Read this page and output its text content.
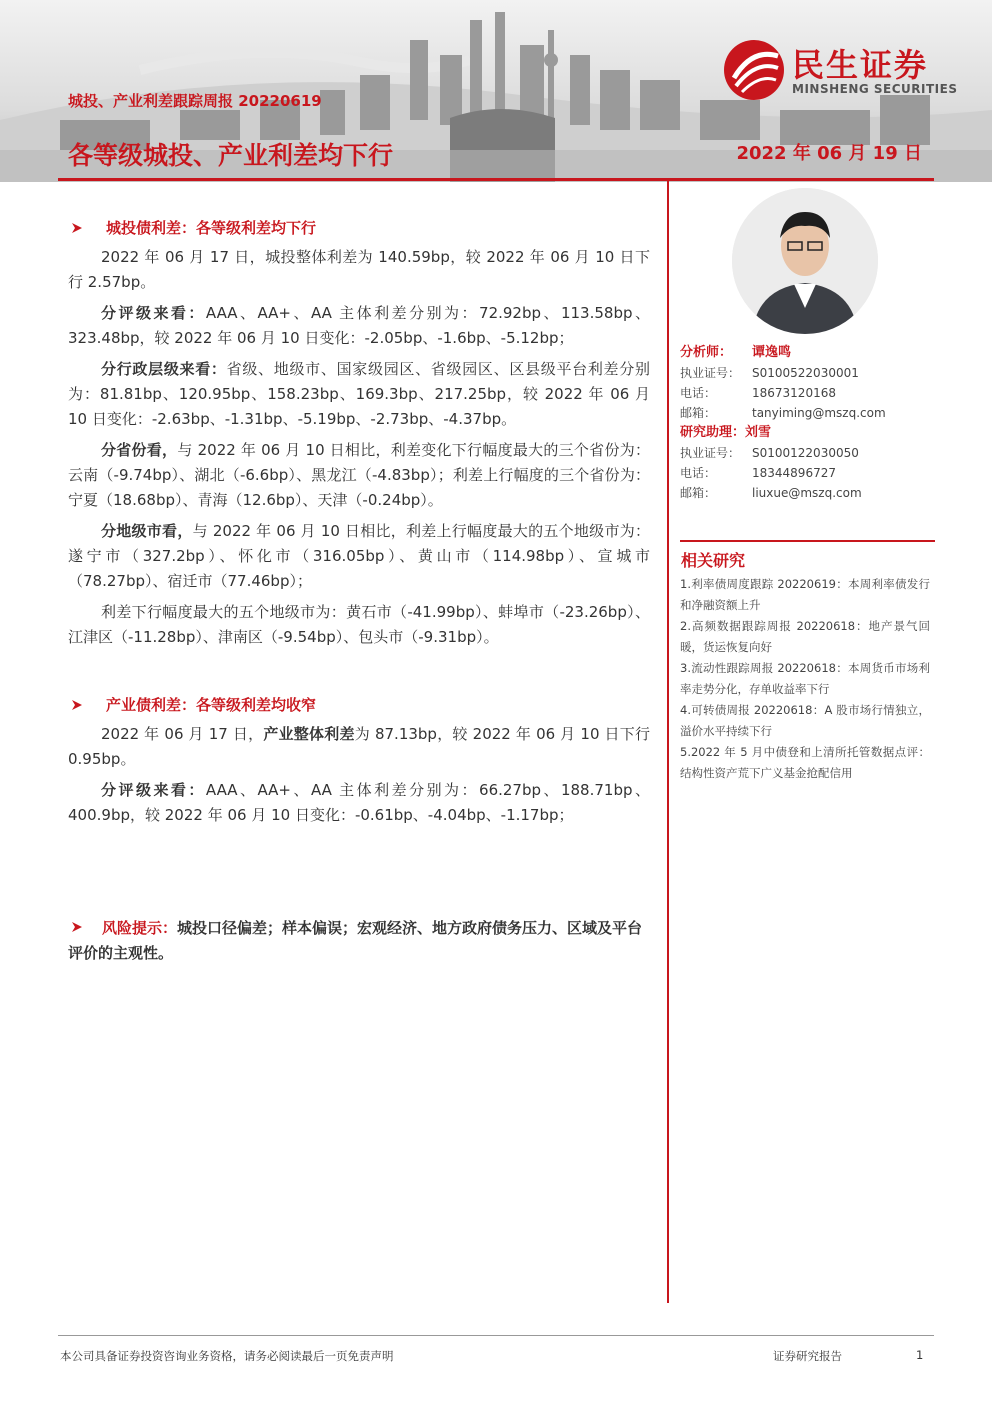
民生证券
MINSHENG SECURITIES
城投、产业利差跟踪周报 20220619
各等级城投、产业利差均下行	2022 年 06 月 19 日
城投债利差：各等级利差均下行
2022 年 06 月 17 日，城投整体利差为 140.59bp，较 2022 年 06 月 10 日下行 2.57bp。
分评级来看：AAA、AA+、AA 主体利差分别为：72.92bp、113.58bp、323.48bp，较 2022 年 06 月 10 日变化：-2.05bp、-1.6bp、-5.12bp；
分行政层级来看：省级、地级市、国家级园区、省级园区、区县级平台利差分别为：81.81bp、120.95bp、158.23bp、169.3bp、217.25bp，较 2022 年 06 月 10 日变化：-2.63bp、-1.31bp、-5.19bp、-2.73bp、-4.37bp。
分省份看，与 2022 年 06 月 10 日相比，利差变化下行幅度最大的三个省份为：云南（-9.74bp）、湖北（-6.6bp）、黑龙江（-4.83bp）；利差上行幅度的三个省份为：宁夏（18.68bp）、青海（12.6bp）、天津（-0.24bp）。
分地级市看，与 2022 年 06 月 10 日相比，利差上行幅度最大的五个地级市为：遂宁市（327.2bp）、怀化市（316.05bp）、黄山市（114.98bp）、宣城市（78.27bp）、宿迁市（77.46bp）；
利差下行幅度最大的五个地级市为：黄石市（-41.99bp）、蚌埠市（-23.26bp）、江津区（-11.28bp）、津南区（-9.54bp）、包头市（-9.31bp）。
产业债利差：各等级利差均收窄
2022 年 06 月 17 日，产业整体利差为 87.13bp，较 2022 年 06 月 10 日下行 0.95bp。
分评级来看：AAA、AA+、AA 主体利差分别为：66.27bp、188.71bp、400.9bp，较 2022 年 06 月 10 日变化：-0.61bp、-4.04bp、-1.17bp；
风险提示：城投口径偏差；样本偏误；宏观经济、地方政府债务压力、区域及平台评价的主观性。
分析师：	谭逸鸣
执业证号： S0100522030001
电话：	18673120168
邮箱：	tanyiming@mszq.com
研究助理： 刘雪
执业证号： S0100122030050
电话：	18344896727
邮箱：	liuxue@mszq.com
相关研究
1.利率债周度跟踪 20220619：本周利率债发行和净融资额上升
2.高频数据跟踪周报 20220618：地产景气回暖，货运恢复向好
3.流动性跟踪周报 20220618：本周货币市场利率走势分化，存单收益率下行
4.可转债周报 20220618：A 股市场行情独立，溢价水平持续下行
5.2022 年 5 月中债登和上清所托管数据点评：结构性资产荒下广义基金抢配信用
本公司具备证券投资咨询业务资格，请务必阅读最后一页免责声明	证券研究报告	1
